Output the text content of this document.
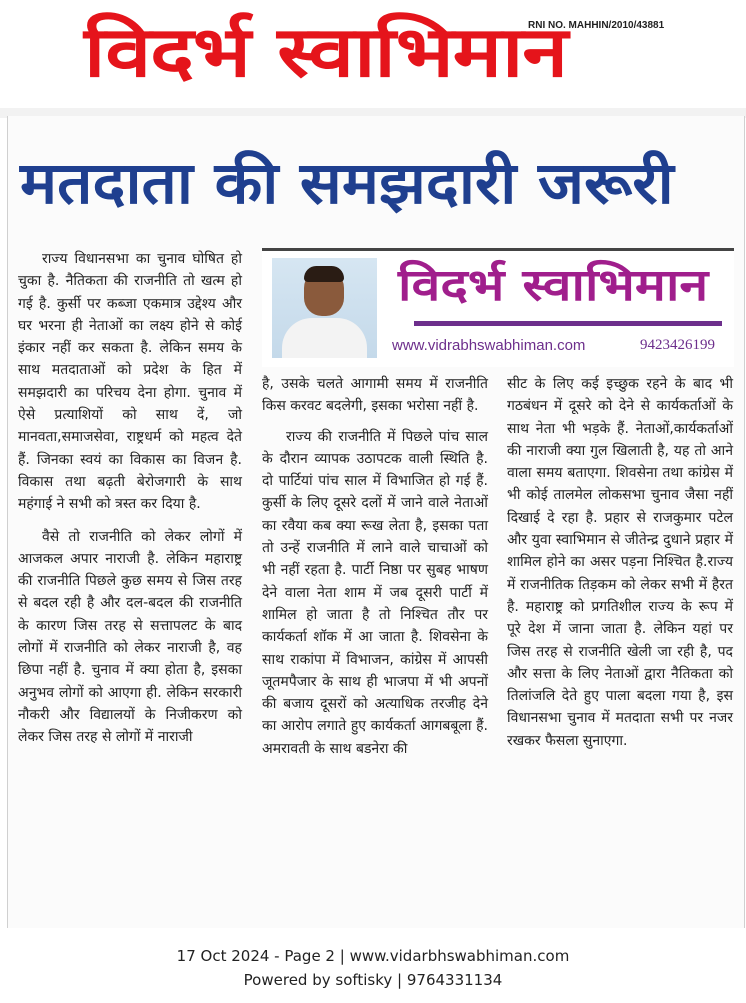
विदर्भ स्वाभिमान
RNI NO. MAHHIN/2010/43881
मतदाता की समझदारी जरूरी

राज्य विधानसभा का चुनाव घोषित हो चुका है. नैतिकता की राजनीति तो खत्म हो गई है. कुर्सी पर कब्जा एकमात्र उद्देश्य और घर भरना ही नेताओं का लक्ष्य होने से कोई इंकार नहीं कर सकता है. लेकिन समय के साथ मतदाताओं को प्रदेश के हित में समझदारी का परिचय देना होगा. चुनाव में ऐसे प्रत्याशियों को साथ दें, जो मानवता,समाजसेवा, राष्ट्रधर्म को महत्व देते हैं. जिनका स्वयं का विकास का विजन है. विकास तथा बढ़ती बेरोजगारी के साथ महंगाई ने सभी को त्रस्त कर दिया है.

वैसे तो राजनीति को लेकर लोगों में आजकल अपार नाराजी है. लेकिन महाराष्ट्र की राजनीति पिछले कुछ समय से जिस तरह से बदल रही है और दल-बदल की राजनीति के कारण जिस तरह से सत्तापलट के बाद लोगों में राजनीति को लेकर नाराजी है, वह छिपा नहीं है. चुनाव में क्या होता है, इसका अनुभव लोगों को आएगा ही. लेकिन सरकारी नौकरी और विद्यालयों के निजीकरण को लेकर जिस तरह से लोगों में नाराजी

विदर्भ स्वाभिमान
www.vidrabhswabhiman.com	9423426199

है, उसके चलते आगामी समय में राजनीति किस करवट बदलेगी, इसका भरोसा नहीं है.

राज्य की राजनीति में पिछले पांच साल के दौरान व्यापक उठापटक वाली स्थिति है. दो पार्टियां पांच साल में विभाजित हो गई हैं. कुर्सी के लिए दूसरे दलों में जाने वाले नेताओं का रवैया कब क्या रूख लेता है, इसका पता तो उन्हें राजनीति में लाने वाले चाचाओं को भी नहीं रहता है. पार्टी निष्ठा पर सुबह भाषण देने वाला नेता शाम में जब दूसरी पार्टी में शामिल हो जाता है तो निश्चित तौर पर कार्यकर्ता शॉक में आ जाता है. शिवसेना के साथ राकांपा में विभाजन, कांग्रेस में आपसी जूतमपैजार के साथ ही भाजपा में भी अपनों की बजाय दूसरों को अत्याधिक तरजीह देने का आरोप लगाते हुए कार्यकर्ता आगबबूला हैं. अमरावती के साथ बडनेरा की

सीट के लिए कई इच्छुक रहने के बाद भी गठबंधन में दूसरे को देने से कार्यकर्ताओं के साथ नेता भी भड़के हैं. नेताओं,कार्यकर्ताओं की नाराजी क्या गुल खिलाती है, यह तो आने वाला समय बताएगा. शिवसेना तथा कांग्रेस में भी कोई तालमेल लोकसभा चुनाव जैसा नहीं दिखाई दे रहा है. प्रहार से राजकुमार पटेल और युवा स्वाभिमान से जीतेन्द्र दुधाने प्रहार में शामिल होने का असर पड़ना निश्चित है.राज्य में राजनीतिक तिड़कम को लेकर सभी में हैरत है. महाराष्ट्र को प्रगतिशील राज्य के रूप में पूरे देश में जाना जाता है. लेकिन यहां पर जिस तरह से राजनीति खेली जा रही है, पद और सत्ता के लिए नेताओं द्वारा नैतिकता को तिलांजलि देते हुए पाला बदला गया है, इस विधानसभा चुनाव में मतदाता सभी पर नजर रखकर फैसला सुनाएगा.

17 Oct 2024 - Page 2 | www.vidarbhswabhiman.com
Powered by softisky | 9764331134
